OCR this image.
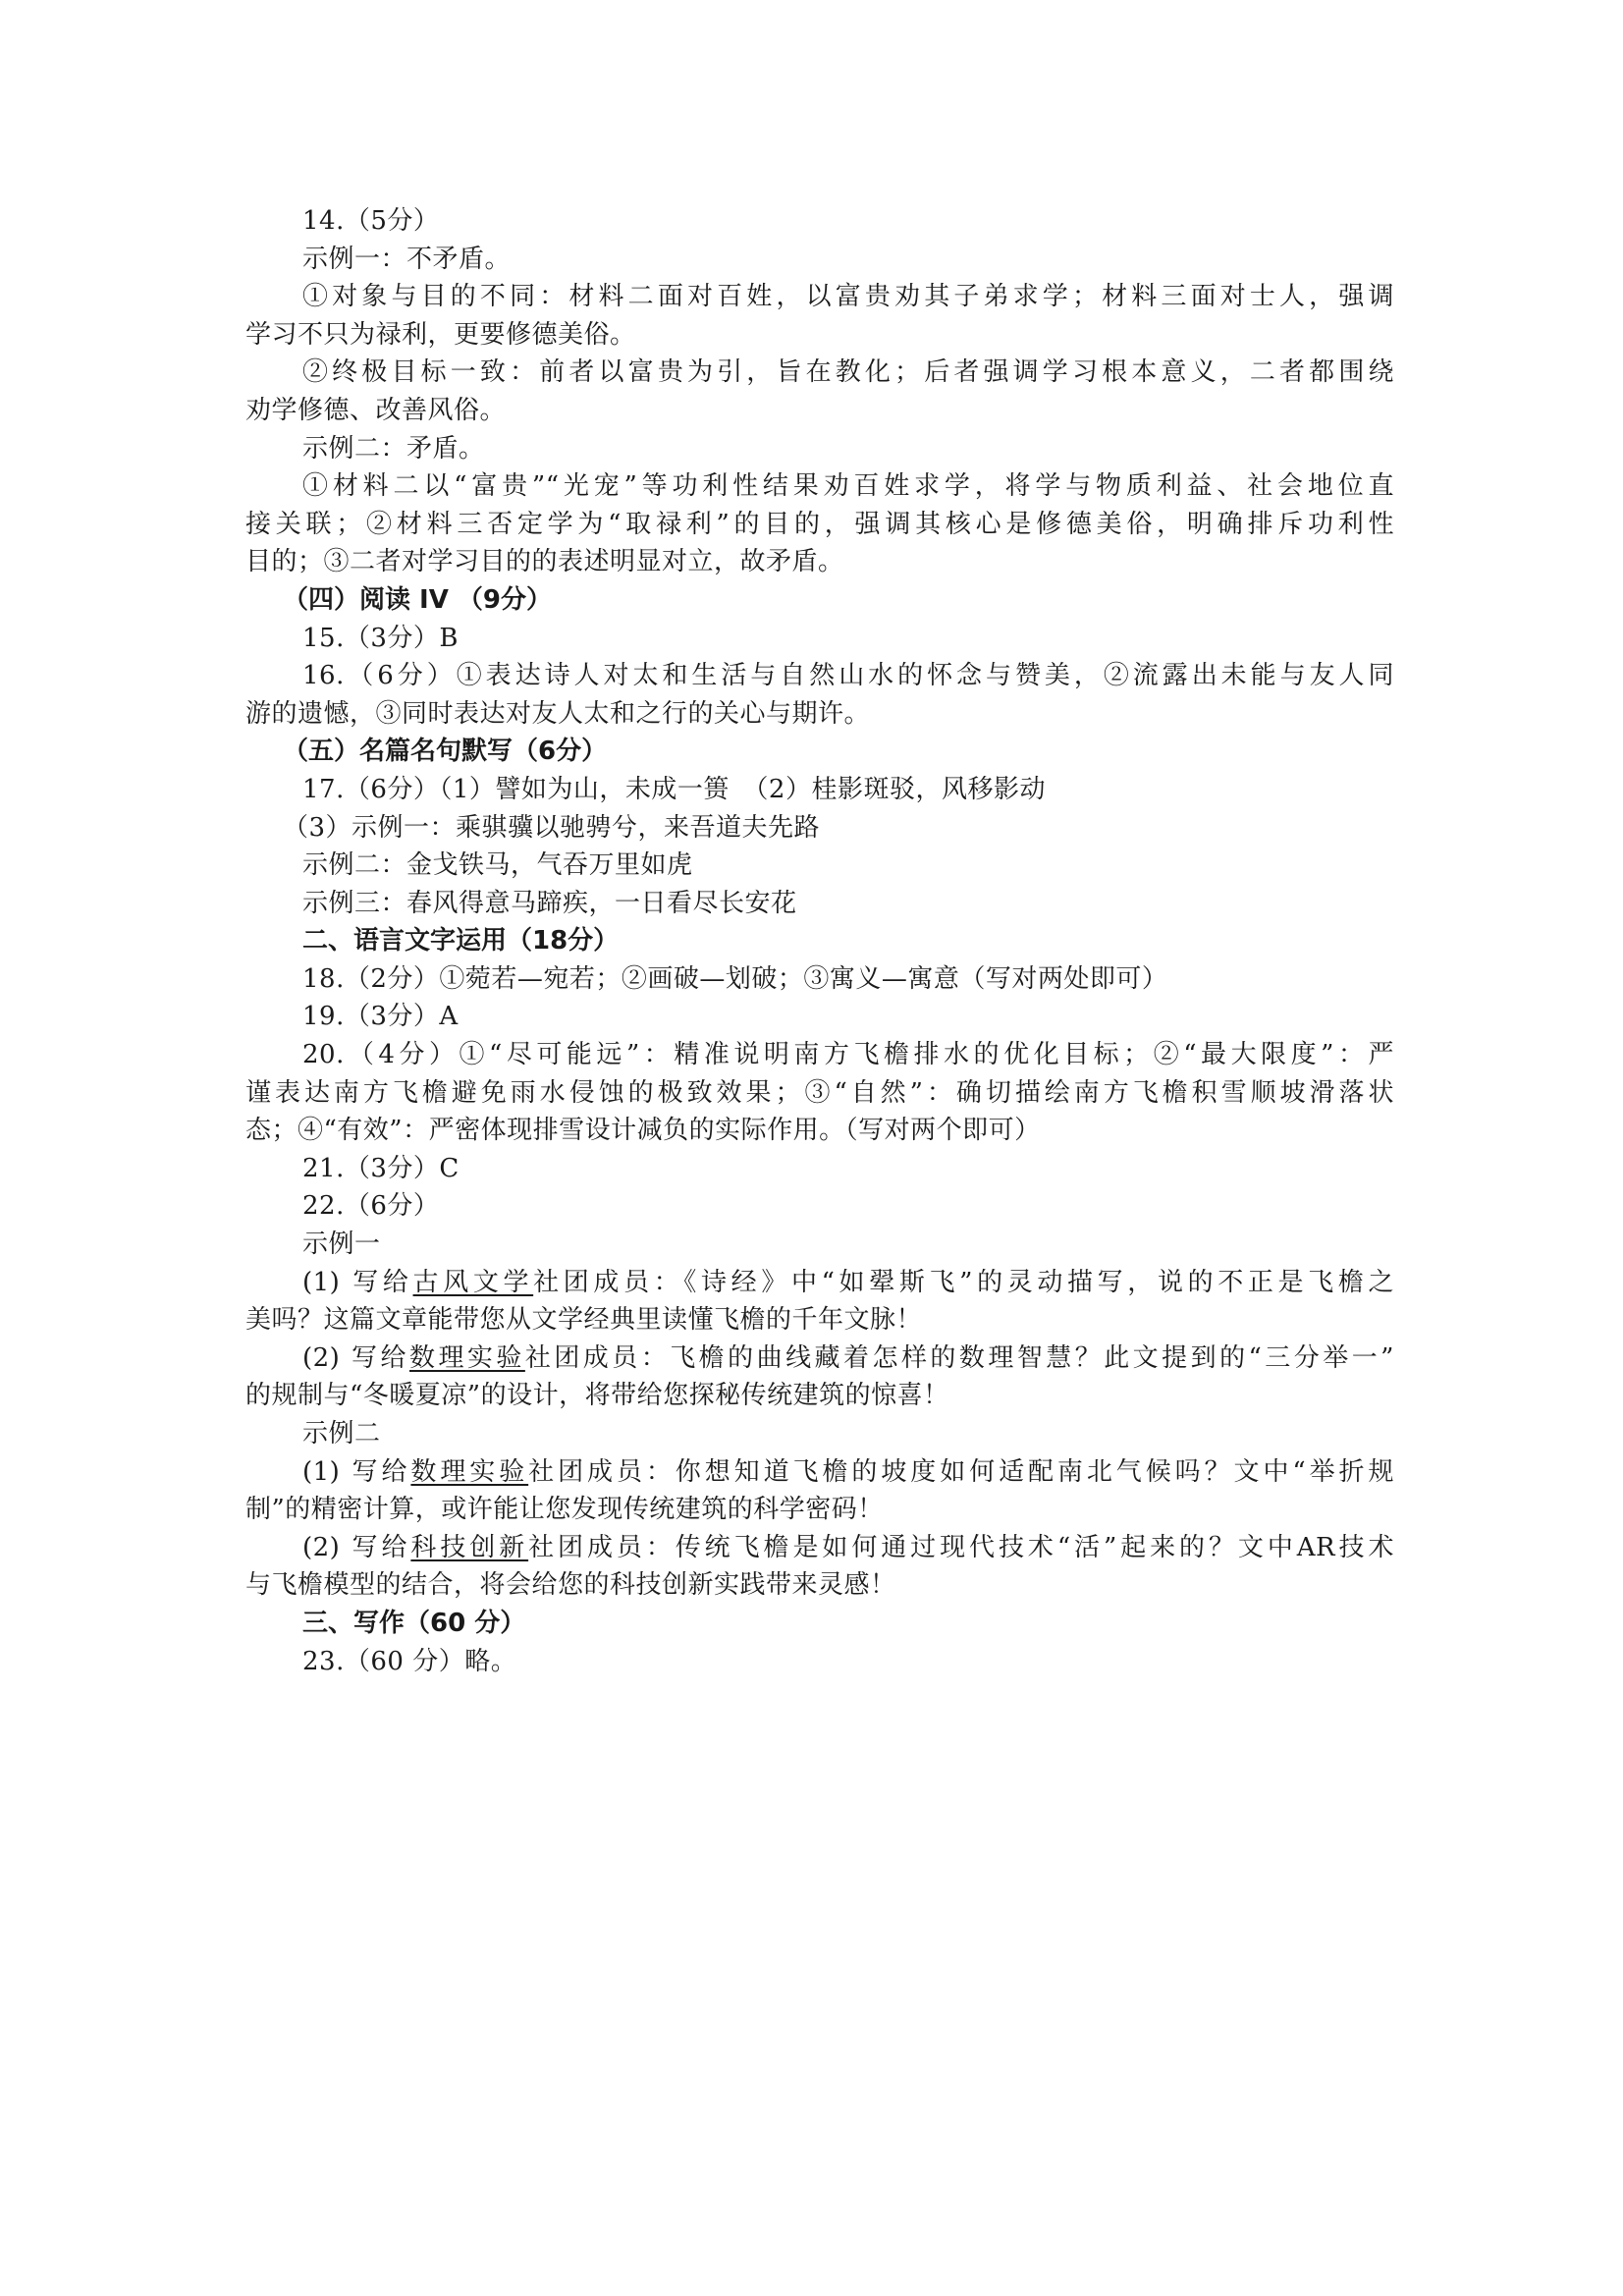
14.（5分）
示例一：不矛盾。
①对象与目的不同：材料二面对百姓，以富贵劝其子弟求学；材料三面对士人，强调
学习不只为禄利，更要修德美俗。
②终极目标一致：前者以富贵为引，旨在教化；后者强调学习根本意义，二者都围绕
劝学修德、改善风俗。
示例二：矛盾。
①材料二以“富贵”“光宠”等功利性结果劝百姓求学，将学与物质利益、社会地位直
接关联；②材料三否定学为“取禄利”的目的，强调其核心是修德美俗，明确排斥功利性
目的；③二者对学习目的的表述明显对立，故矛盾。
（四）阅读 IV （9分）
15.（3分）B
16.（6分）①表达诗人对太和生活与自然山水的怀念与赞美，②流露出未能与友人同
游的遗憾，③同时表达对友人太和之行的关心与期许。
（五）名篇名句默写（6分）
17.（6分）（1）譬如为山，未成一篑　（2）桂影斑驳，风移影动
（3）示例一：乘骐骥以驰骋兮，来吾道夫先路
示例二：金戈铁马，气吞万里如虎
示例三：春风得意马蹄疾，一日看尽长安花
二、语言文字运用（18分）
18.（2分）①菀若—宛若；②画破—划破；③寓义—寓意（写对两处即可）
19.（3分）A
20.（4分）①“尽可能远”：精准说明南方飞檐排水的优化目标；②“最大限度”：严
谨表达南方飞檐避免雨水侵蚀的极致效果；③“自然”：确切描绘南方飞檐积雪顺坡滑落状
态；④“有效”：严密体现排雪设计减负的实际作用。（写对两个即可）
21.（3分）C
22.（6分）
示例一
(1) 写给古风文学社团成员：《诗经》中“如翚斯飞”的灵动描写，说的不正是飞檐之
美吗？这篇文章能带您从文学经典里读懂飞檐的千年文脉！
(2) 写给数理实验社团成员：飞檐的曲线藏着怎样的数理智慧？此文提到的“三分举一”
的规制与“冬暖夏凉”的设计，将带给您探秘传统建筑的惊喜！
示例二
(1) 写给数理实验社团成员：你想知道飞檐的坡度如何适配南北气候吗？文中“举折规
制”的精密计算，或许能让您发现传统建筑的科学密码！
(2) 写给科技创新社团成员：传统飞檐是如何通过现代技术“活”起来的？文中AR技术
与飞檐模型的结合，将会给您的科技创新实践带来灵感！
三、写作（60 分）
23.（60 分）略。
